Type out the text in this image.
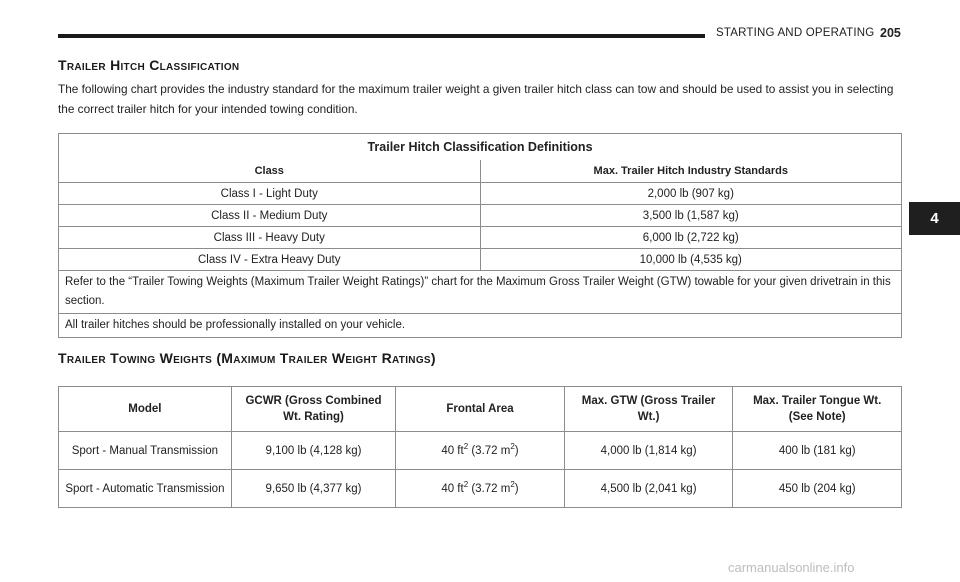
STARTING AND OPERATING 205
4
Trailer Hitch Classification

The following chart provides the industry standard for the maximum trailer weight a given trailer hitch class can tow and should be used to assist you in selecting the correct trailer hitch for your intended towing condition.

Trailer Hitch Classification Definitions	
Class	Max. Trailer Hitch Industry Standards
Class I - Light Duty	2,000 lb (907 kg)
Class II - Medium Duty	3,500 lb (1,587 kg)
Class III - Heavy Duty	6,000 lb (2,722 kg)
Class IV - Extra Heavy Duty	10,000 lb (4,535 kg)
Refer to the “Trailer Towing Weights (Maximum Trailer Weight Ratings)” chart for the Maximum Gross Trailer Weight (GTW) towable for your given drivetrain in this section.	
All trailer hitches should be professionally installed on your vehicle.	
Trailer Towing Weights (Maximum Trailer Weight Ratings)
Model	GCWR (Gross Combined Wt. Rating)	Frontal Area	Max. GTW (Gross Trailer Wt.)	Max. Trailer Tongue Wt. (See Note)
Sport - Manual Transmission	9,100 lb (4,128 kg)	40 $ft^2$ (3.72 $m^2$)	4,000 lb (1,814 kg)	400 lb (181 kg)
Sport - Automatic Transmission	9,650 lb (4,377 kg)	40 $ft^2$ (3.72 $m^2$)	4,500 lb (2,041 kg)	450 lb (204 kg)
carmanualsonline.info
